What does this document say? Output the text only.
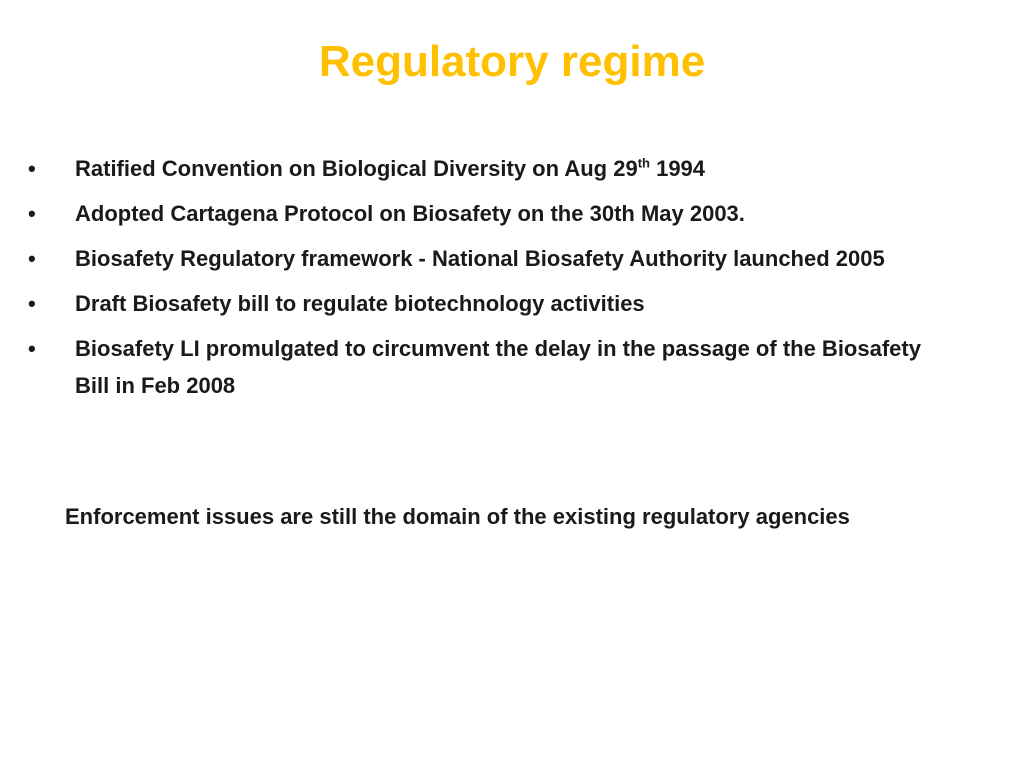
Regulatory regime
•	Ratified Convention on Biological Diversity on Aug 29th 1994
•	Adopted Cartagena Protocol on Biosafety on the 30th May 2003.
•	Biosafety Regulatory framework - National Biosafety Authority launched 2005
•	Draft Biosafety bill to regulate biotechnology activities
•	Biosafety LI promulgated to circumvent the delay in the passage of the Biosafety Bill in Feb 2008

Enforcement issues are still the domain of the existing regulatory agencies
